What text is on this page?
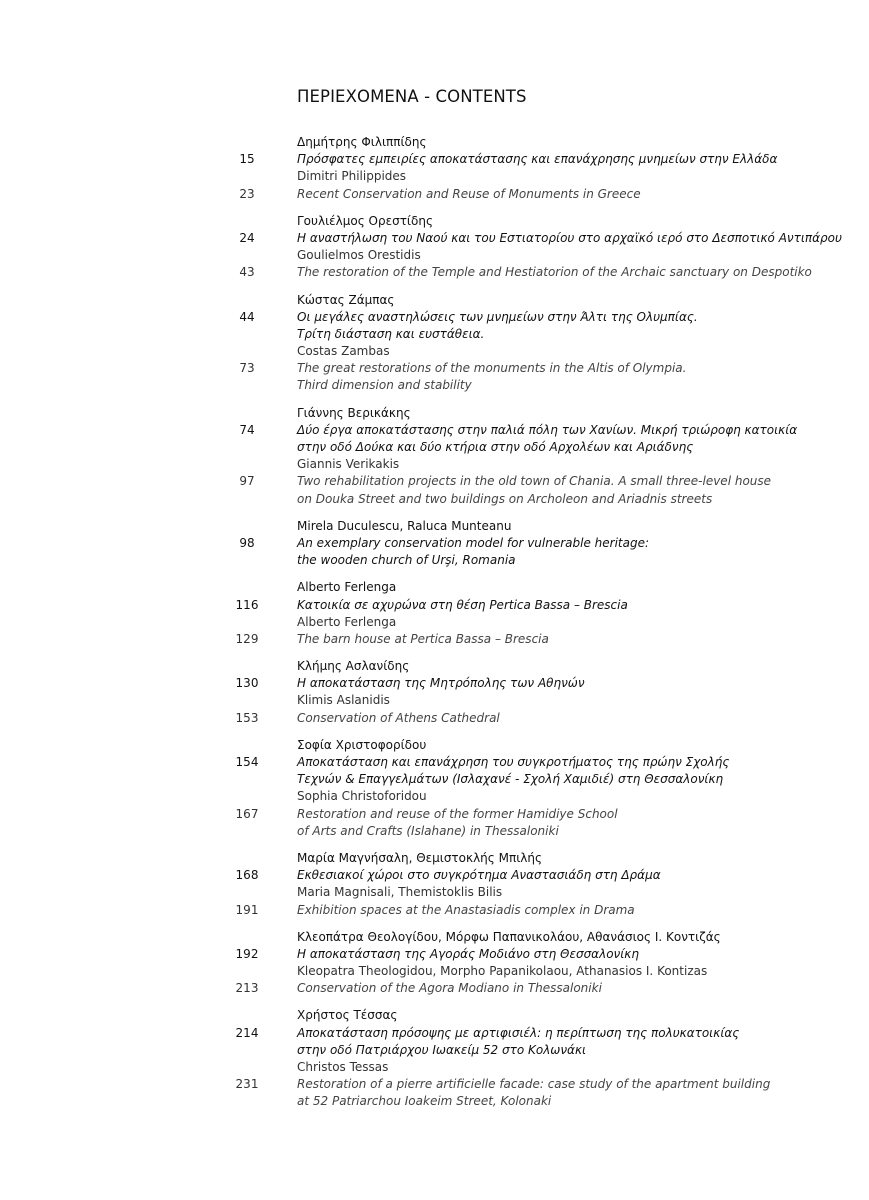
ΠΕΡΙΕΧΟΜΕΝΑ - CONTENTS
Δημήτρης Φιλιππίδης
15	Πρόσφατες εμπειρίες αποκατάστασης και επανάχρησης μνημείων στην Ελλάδα
Dimitri Philippides
23	Recent Conservation and Reuse of Monuments in Greece
Γουλιέλμος Ορεστίδης
24	Η αναστήλωση του Ναού και του Εστιατορίου στο αρχαϊκό ιερό στο Δεσποτικό Αντιπάρου
Goulielmos Orestidis
43	The restoration of the Temple and Hestiatorion of the Archaic sanctuary on Despotiko
Κώστας Ζάμπας
44	Οι μεγάλες αναστηλώσεις των μνημείων στην Άλτι της Ολυμπίας.
Τρίτη διάσταση και ευστάθεια.
Costas Zambas
73	The great restorations of the monuments in the Altis of Olympia.
Third dimension and stability
Γιάννης Βερικάκης
74	Δύο έργα αποκατάστασης στην παλιά πόλη των Χανίων. Μικρή τριώροφη κατοικία
στην οδό Δούκα και δύο κτήρια στην οδό Αρχολέων και Αριάδνης
Giannis Verikakis
97	Two rehabilitation projects in the old town of Chania. A small three-level house
on Douka Street and two buildings on Archoleon and Ariadnis streets
Mirela Duculescu, Raluca Munteanu
98	An exemplary conservation model for vulnerable heritage:
the wooden church of Urşi, Romania
Alberto Ferlenga
116	Κατοικία σε αχυρώνα στη θέση Pertica Bassa – Brescia
Alberto Ferlenga
129	The barn house at Pertica Bassa – Brescia
Κλήμης Ασλανίδης
130	Η αποκατάσταση της Μητρόπολης των Αθηνών
Klimis Aslanidis
153	Conservation of Athens Cathedral
Σοφία Χριστοφορίδου
154	Αποκατάσταση και επανάχρηση του συγκροτήματος της πρώην Σχολής
Τεχνών & Επαγγελμάτων (Ισλαχανέ - Σχολή Χαμιδιέ) στη Θεσσαλονίκη
Sophia Christoforidou
167	Restoration and reuse of the former Hamidiye School
of Arts and Crafts (Islahane) in Thessaloniki
Μαρία Μαγνήσαλη, Θεμιστοκλής Μπιλής
168	Εκθεσιακοί χώροι στο συγκρότημα Αναστασιάδη στη Δράμα
Maria Magnisali, Themistoklis Bilis
191	Exhibition spaces at the Anastasiadis complex in Drama
Κλεοπάτρα Θεολογίδου, Μόρφω Παπανικολάου, Αθανάσιος Ι. Κοντιζάς
192	Η αποκατάσταση της Αγοράς Μοδιάνο στη Θεσσαλονίκη
Kleopatra Theologidou, Morpho Papanikolaou, Athanasios I. Kontizas
213	Conservation of the Agora Modiano in Thessaloniki
Χρήστος Τέσσας
214	Αποκατάσταση πρόσοψης με αρτιφισιέλ: η περίπτωση της πολυκατοικίας
στην οδό Πατριάρχου Ιωακείμ 52 στο Κολωνάκι
Christos Tessas
231	Restoration of a pierre artificielle facade: case study of the apartment building
at 52 Patriarchou Ioakeim Street, Kolonaki
